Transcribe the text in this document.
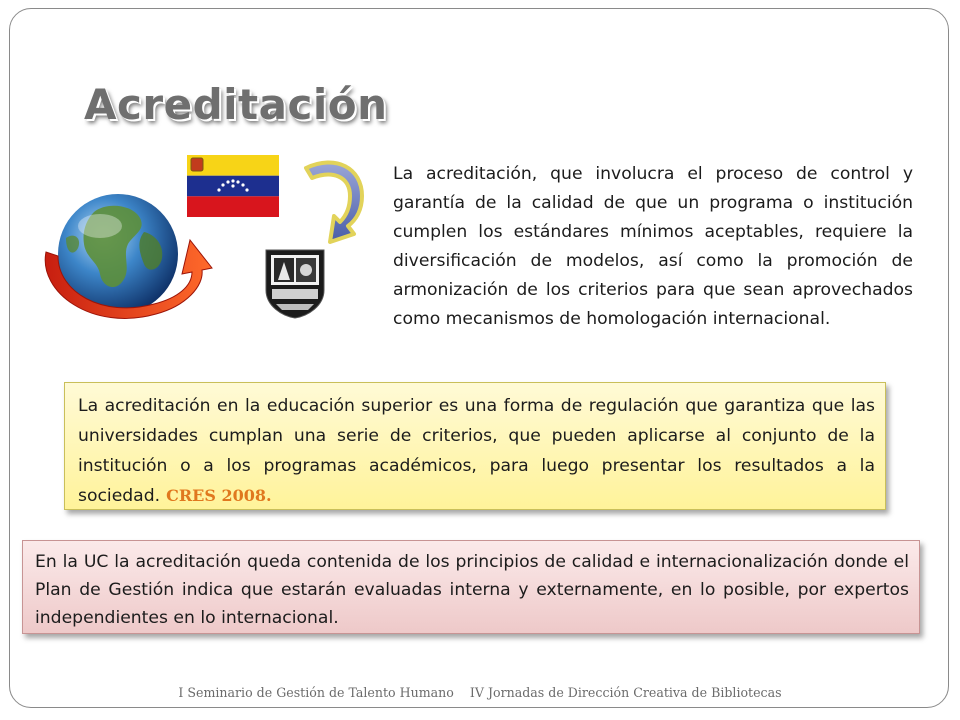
Acreditación
La acreditación, que involucra el proceso de control y garantía de la calidad de que un programa o institución cumplen los estándares mínimos aceptables, requiere la diversificación de modelos, así como la promoción de armonización de los criterios para que sean aprovechados como mecanismos de homologación internacional.
La acreditación en la educación superior es una forma de regulación que garantiza que las universidades cumplan una serie de criterios, que pueden aplicarse al conjunto de la institución o a los programas académicos, para luego presentar los resultados a la sociedad. CRES 2008.
En la UC la acreditación queda contenida de los principios de calidad e internacionalización donde el Plan de Gestión indica que estarán evaluadas interna y externamente, en lo posible, por expertos independientes en lo internacional.
I Seminario de Gestión de Talento Humano IV Jornadas de Dirección Creativa de Bibliotecas
